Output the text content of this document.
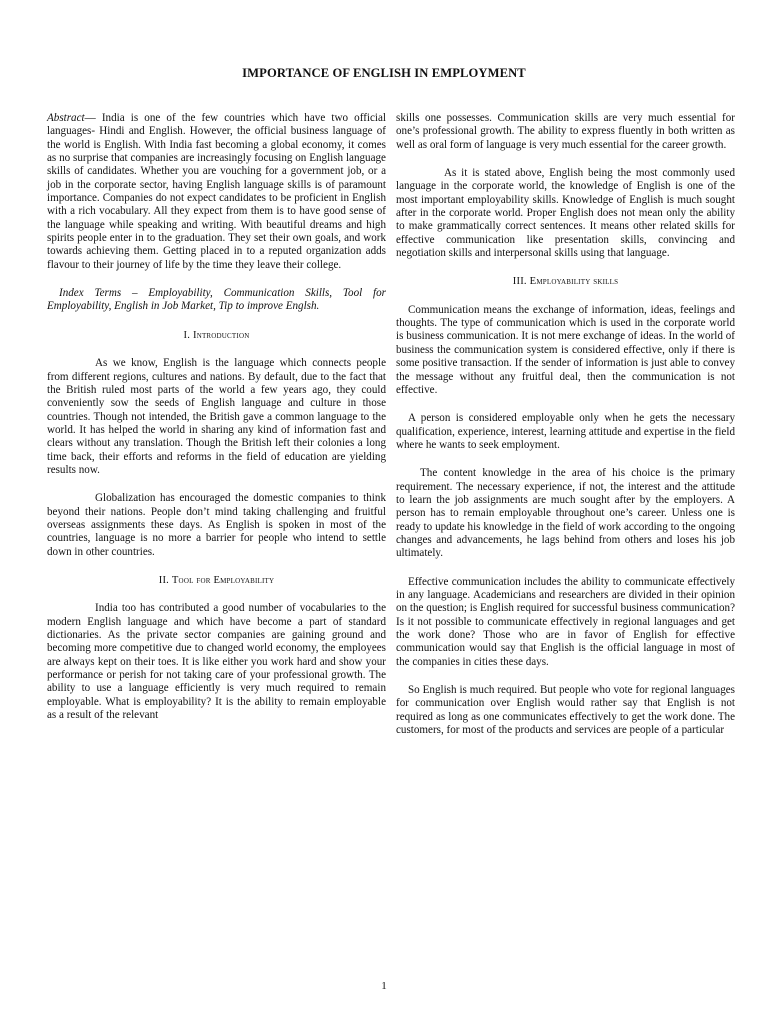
IMPORTANCE OF ENGLISH IN EMPLOYMENT

Abstract— India is one of the few countries which have two official languages- Hindi and English. However, the official business language of the world is English. With India fast becoming a global economy, it comes as no surprise that companies are increasingly focusing on English language skills of candidates. Whether you are vouching for a government job, or a job in the corporate sector, having English language skills is of paramount importance. Companies do not expect candidates to be proficient in English with a rich vocabulary. All they expect from them is to have good sense of the language while speaking and writing. With beautiful dreams and high spirits people enter in to the graduation. They set their own goals, and work towards achieving them. Getting placed in to a reputed organization adds flavour to their journey of life by the time they leave their college.

Index Terms – Employability, Communication Skills, Tool for Employability, English in Job Market, Tip to improve Englsh.

I. Introduction

As we know, English is the language which connects people from different regions, cultures and nations. By default, due to the fact that the British ruled most parts of the world a few years ago, they could conveniently sow the seeds of English language and culture in those countries. Though not intended, the British gave a common language to the world. It has helped the world in sharing any kind of information fast and clears without any translation. Though the British left their colonies a long time back, their efforts and reforms in the field of education are yielding results now.

Globalization has encouraged the domestic companies to think beyond their nations. People don’t mind taking challenging and fruitful overseas assignments these days. As English is spoken in most of the countries, language is no more a barrier for people who intend to settle down in other countries.

II. Tool for Employability

India too has contributed a good number of vocabularies to the modern English language and which have become a part of standard dictionaries. As the private sector companies are gaining ground and becoming more competitive due to changed world economy, the employees are always kept on their toes. It is like either you work hard and show your performance or perish for not taking care of your professional growth. The ability to use a language efficiently is very much required to remain employable. What is employability? It is the ability to remain employable as a result of the relevant

skills one possesses. Communication skills are very much essential for one’s professional growth. The ability to express fluently in both written as well as oral form of language is very much essential for the career growth.

As it is stated above, English being the most commonly used language in the corporate world, the knowledge of English is one of the most important employability skills. Knowledge of English is much sought after in the corporate world. Proper English does not mean only the ability to make grammatically correct sentences. It means other related skills for effective communication like presentation skills, convincing and negotiation skills and interpersonal skills using that language.

III. Employability skills

Communication means the exchange of information, ideas, feelings and thoughts. The type of communication which is used in the corporate world is business communication. It is not mere exchange of ideas. In the world of business the communication system is considered effective, only if there is some positive transaction. If the sender of information is just able to convey the message without any fruitful deal, then the communication is not effective.

A person is considered employable only when he gets the necessary qualification, experience, interest, learning attitude and expertise in the field where he wants to seek employment.

The content knowledge in the area of his choice is the primary requirement. The necessary experience, if not, the interest and the attitude to learn the job assignments are much sought after by the employers. A person has to remain employable throughout one’s career. Unless one is ready to update his knowledge in the field of work according to the ongoing changes and advancements, he lags behind from others and loses his job ultimately.

Effective communication includes the ability to communicate effectively in any language. Academicians and researchers are divided in their opinion on the question; is English required for successful business communication? Is it not possible to communicate effectively in regional languages and get the work done? Those who are in favor of English for effective communication would say that English is the official language in most of the companies in cities these days.

So English is much required. But people who vote for regional languages for communication over English would rather say that English is not required as long as one communicates effectively to get the work done. The customers, for most of the products and services are people of a particular

1
